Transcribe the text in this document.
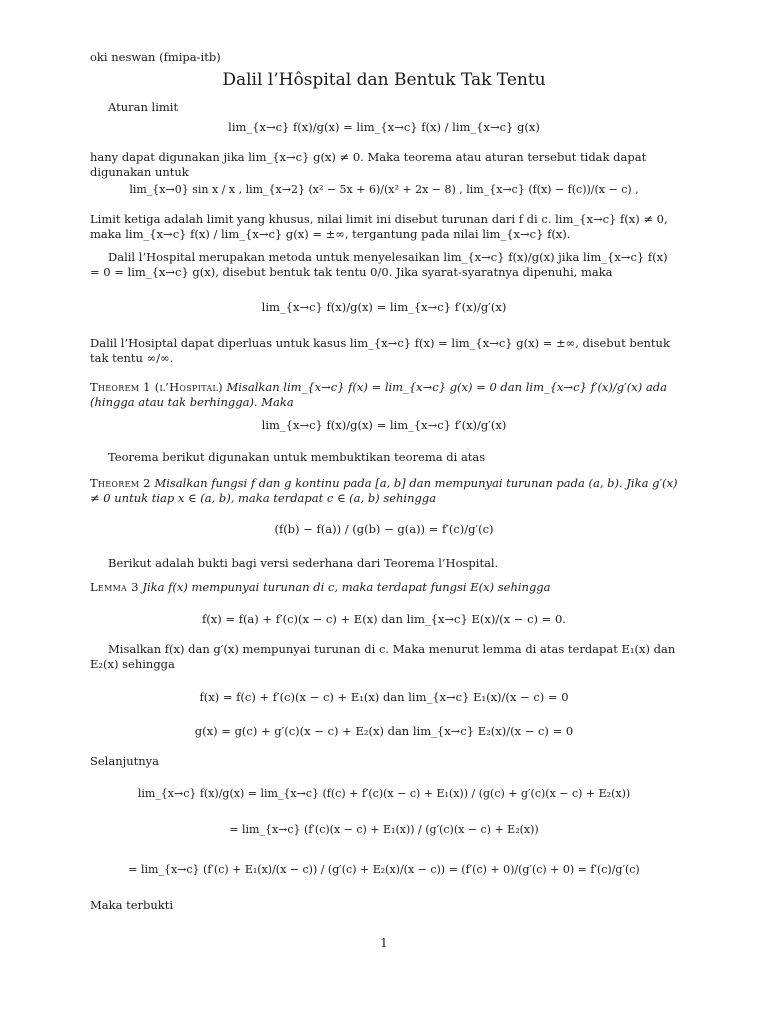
oki neswan (fmipa-itb)
Dalil l’Hôspital dan Bentuk Tak Tentu
Aturan limit
lim_{x→c} f(x)/g(x) = lim_{x→c} f(x) / lim_{x→c} g(x)
hany dapat digunakan jika lim_{x→c} g(x) ≠ 0. Maka teorema atau aturan tersebut tidak dapat digunakan untuk
lim_{x→0} sin x / x , lim_{x→2} (x² − 5x + 6)/(x² + 2x − 8) , lim_{x→c} (f(x) − f(c))/(x − c) ,
Limit ketiga adalah limit yang khusus, nilai limit ini disebut turunan dari f di c. lim_{x→c} f(x) ≠ 0, maka lim_{x→c} f(x) / lim_{x→c} g(x) = ±∞, tergantung pada nilai lim_{x→c} f(x).
Dalil l’Hospital merupakan metoda untuk menyelesaikan lim_{x→c} f(x)/g(x) jika lim_{x→c} f(x) = 0 = lim_{x→c} g(x), disebut bentuk tak tentu 0/0. Jika syarat-syaratnya dipenuhi, maka
lim_{x→c} f(x)/g(x) = lim_{x→c} f′(x)/g′(x)
Dalil l’Hosiptal dapat diperluas untuk kasus lim_{x→c} f(x) = lim_{x→c} g(x) = ±∞, disebut bentuk tak tentu ∞/∞.
Theorem 1 (l’Hospital) Misalkan lim_{x→c} f(x) = lim_{x→c} g(x) = 0 dan lim_{x→c} f′(x)/g′(x) ada (hingga atau tak berhingga). Maka
lim_{x→c} f(x)/g(x) = lim_{x→c} f′(x)/g′(x)
Teorema berikut digunakan untuk membuktikan teorema di atas
Theorem 2 Misalkan fungsi f dan g kontinu pada [a, b] dan mempunyai turunan pada (a, b). Jika g′(x) ≠ 0 untuk tiap x ∈ (a, b), maka terdapat c ∈ (a, b) sehingga
(f(b) − f(a)) / (g(b) − g(a)) = f′(c)/g′(c)
Berikut adalah bukti bagi versi sederhana dari Teorema l’Hospital.
Lemma 3 Jika f(x) mempunyai turunan di c, maka terdapat fungsi E(x) sehingga
f(x) = f(a) + f′(c)(x − c) + E(x) dan lim_{x→c} E(x)/(x − c) = 0.
Misalkan f(x) dan g′(x) mempunyai turunan di c. Maka menurut lemma di atas terdapat E₁(x) dan E₂(x) sehingga
f(x) = f(c) + f′(c)(x − c) + E₁(x) dan lim_{x→c} E₁(x)/(x − c) = 0
g(x) = g(c) + g′(c)(x − c) + E₂(x) dan lim_{x→c} E₂(x)/(x − c) = 0
Selanjutnya
lim_{x→c} f(x)/g(x) = lim_{x→c} (f(c) + f′(c)(x − c) + E₁(x)) / (g(c) + g′(c)(x − c) + E₂(x))
= lim_{x→c} (f′(c)(x − c) + E₁(x)) / (g′(c)(x − c) + E₂(x))
= lim_{x→c} (f′(c) + E₁(x)/(x − c)) / (g′(c) + E₂(x)/(x − c)) = (f′(c) + 0)/(g′(c) + 0) = f′(c)/g′(c)
Maka terbukti
1
